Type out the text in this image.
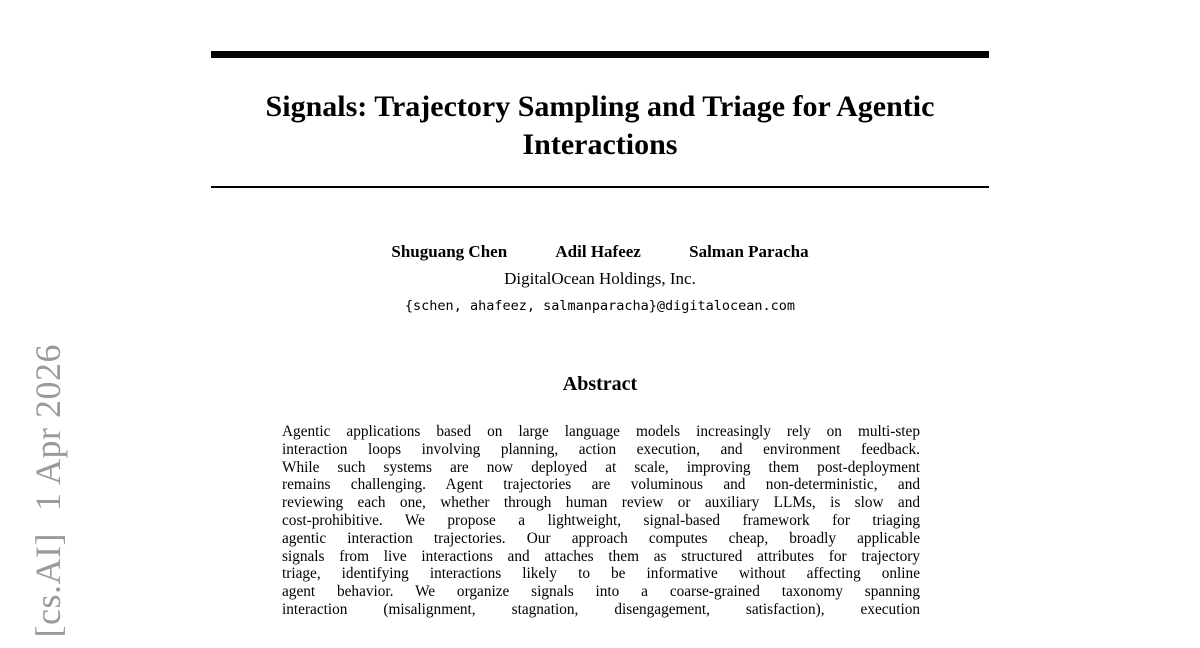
[cs.AI]1 Apr 2026
Signals: Trajectory Sampling and Triage for Agentic
Interactions
Shuguang Chen	Adil Hafeez	Salman Paracha
DigitalOcean Holdings, Inc.
{schen, ahafeez, salmanparacha}@digitalocean.com
Abstract
Agentic applications based on large language models increasingly rely on multi-step
interaction loops involving planning, action execution, and environment feedback.
While such systems are now deployed at scale, improving them post-deployment
remains challenging. Agent trajectories are voluminous and non-deterministic, and
reviewing each one, whether through human review or auxiliary LLMs, is slow and
cost-prohibitive. We propose a lightweight, signal-based framework for triaging
agentic interaction trajectories. Our approach computes cheap, broadly applicable
signals from live interactions and attaches them as structured attributes for trajectory
triage, identifying interactions likely to be informative without affecting online
agent behavior. We organize signals into a coarse-grained taxonomy spanning
interaction (misalignment, stagnation, disengagement, satisfaction), execution
